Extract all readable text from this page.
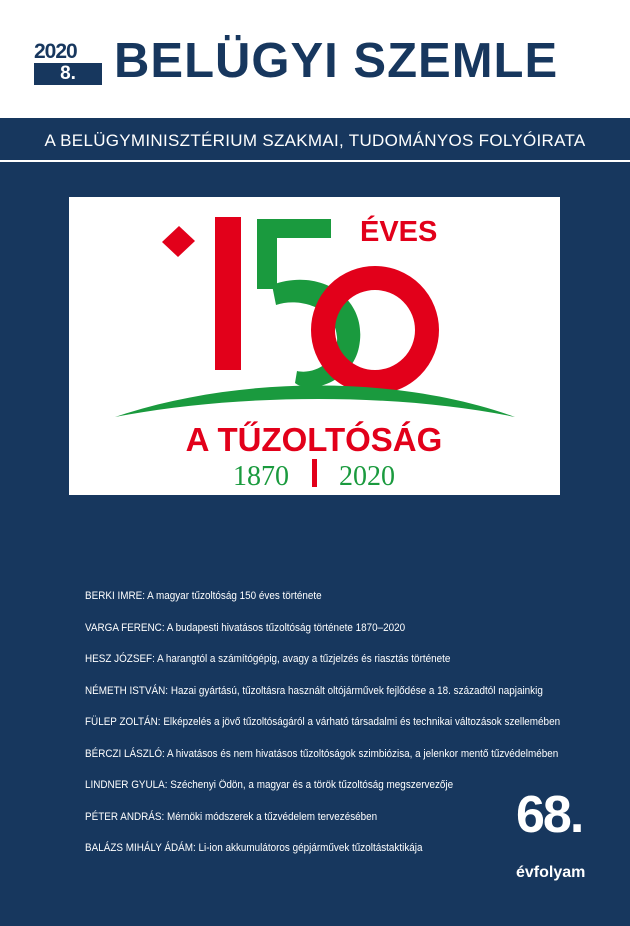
2020
8. BELÜGYI SZEMLE
A BELÜGYMINISZTÉRIUM SZAKMAI, TUDOMÁNYOS FOLYÓIRATA
ÉVES
A TŰZOLTÓSÁG
1870 2020
BERKI IMRE: A magyar tűzoltóság 150 éves története
VARGA FERENC: A budapesti hivatásos tűzoltóság története 1870–2020
HESZ JÓZSEF: A harangtól a számítógépig, avagy a tűzjelzés és riasztás története
NÉMETH ISTVÁN: Hazai gyártású, tűzoltásra használt oltójárművek fejlődése a 18. századtól napjainkig
FÜLEP ZOLTÁN: Elképzelés a jövő tűzoltóságáról a várható társadalmi és technikai változások szellemében
BÉRCZI LÁSZLÓ: A hivatásos és nem hivatásos tűzoltóságok szimbiózisa, a jelenkor mentő tűzvédelmében
LINDNER GYULA: Széchenyi Ödön, a magyar és a török tűzoltóság megszervezője
PÉTER ANDRÁS: Mérnöki módszerek a tűzvédelem tervezésében
BALÁZS MIHÁLY ÁDÁM: Li-ion akkumulátoros gépjárművek tűzoltástaktikája
68.
évfolyam
